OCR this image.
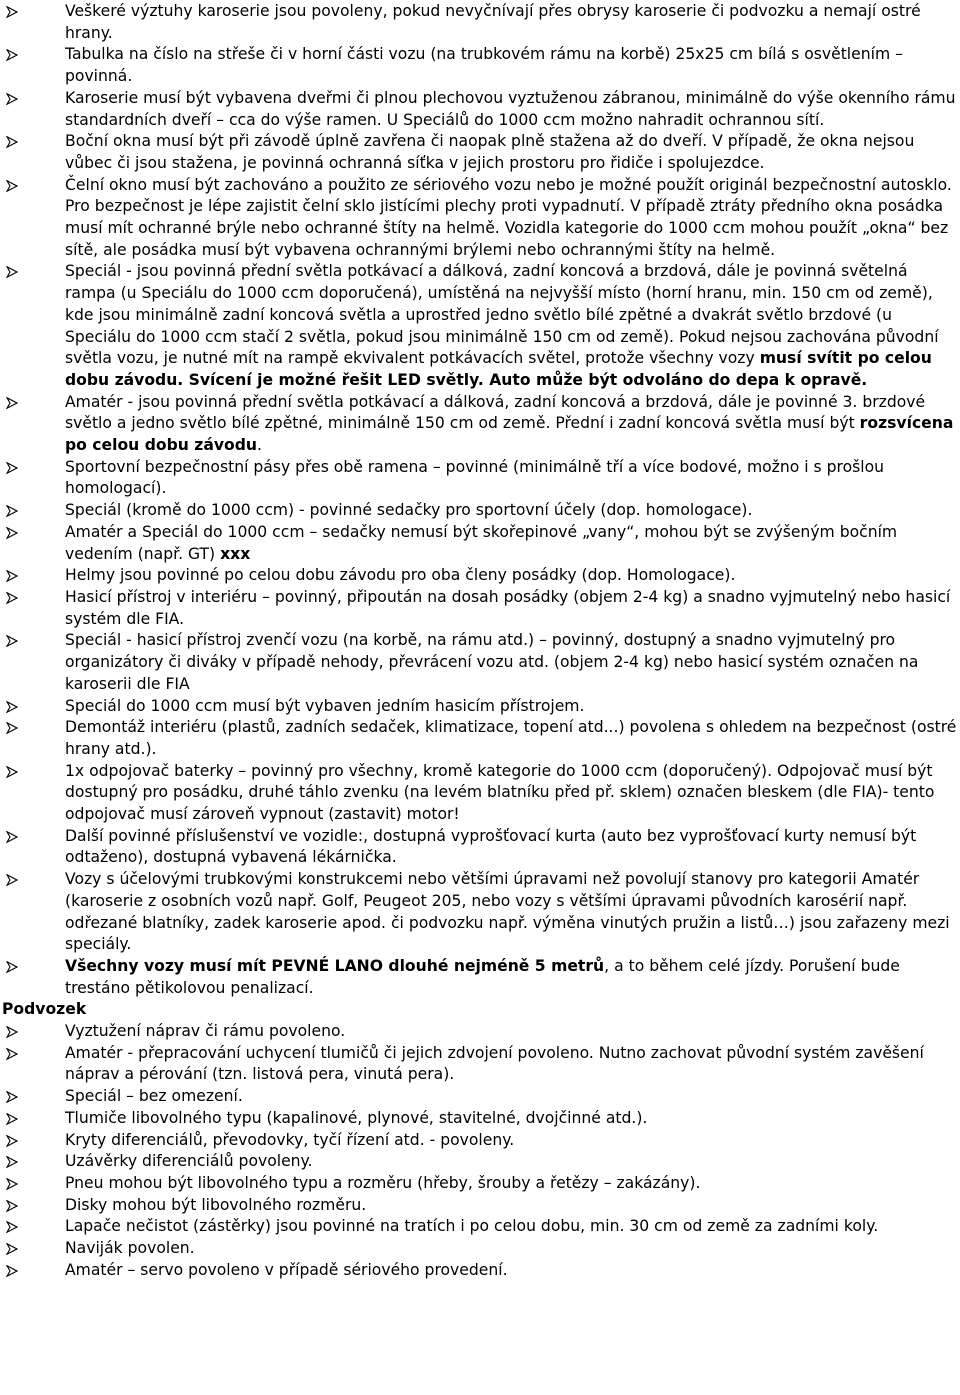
Veškeré výztuhy karoserie jsou povoleny, pokud nevyčnívají přes obrysy karoserie či podvozku a nemají ostré hrany.
Tabulka na číslo na střeše či v horní části vozu (na trubkovém rámu na korbě) 25x25 cm bílá s osvětlením – povinná.
Karoserie musí být vybavena dveřmi či plnou plechovou vyztuženou zábranou, minimálně do výše okenního rámu standardních dveří – cca do výše ramen. U Speciálů do 1000 ccm možno nahradit ochrannou sítí.
Boční okna musí být při závodě úplně zavřena či naopak plně stažena až do dveří. V případě, že okna nejsou vůbec či jsou stažena, je povinná ochranná síťka v jejich prostoru pro řidiče i spolujezdce.
Čelní okno musí být zachováno a použito ze sériového vozu nebo je možné použít originál bezpečnostní autosklo. Pro bezpečnost je lépe zajistit čelní sklo jistícími plechy proti vypadnutí. V případě ztráty předního okna posádka musí mít ochranné brýle nebo ochranné štíty na helmě. Vozidla kategorie do 1000 ccm mohou použít „okna“ bez sítě, ale posádka musí být vybavena ochrannými brýlemi nebo ochrannými štíty na helmě.
Speciál - jsou povinná přední světla potkávací a dálková, zadní koncová a brzdová, dále je povinná světelná rampa (u Speciálu do 1000 ccm doporučená), umístěná na nejvyšší místo (horní hranu, min. 150 cm od země), kde jsou minimálně zadní koncová světla a uprostřed jedno světlo bílé zpětné a dvakrát světlo brzdové (u Speciálu do 1000 ccm stačí 2 světla, pokud jsou minimálně 150 cm od země). Pokud nejsou zachována původní světla vozu, je nutné mít na rampě ekvivalent potkávacích světel, protože všechny vozy musí svítit po celou dobu závodu. Svícení je možné řešit LED světly. Auto může být odvoláno do depa k opravě.
Amatér - jsou povinná přední světla potkávací a dálková, zadní koncová a brzdová, dále je povinné 3. brzdové světlo a jedno světlo bílé zpětné, minimálně 150 cm od země. Přední i zadní koncová světla musí být rozsvícena po celou dobu závodu.
Sportovní bezpečnostní pásy přes obě ramena – povinné (minimálně tří a více bodové, možno i s prošlou homologací).
Speciál (kromě do 1000 ccm) - povinné sedačky pro sportovní účely (dop. homologace).
Amatér a Speciál do 1000 ccm – sedačky nemusí být skořepinové „vany“, mohou být se zvýšeným bočním vedením (např. GT) xxx
Helmy jsou povinné po celou dobu závodu pro oba členy posádky (dop. Homologace).
Hasicí přístroj v interiéru – povinný, připoután na dosah posádky (objem 2-4 kg) a snadno vyjmutelný nebo hasicí systém dle FIA.
Speciál - hasicí přístroj zvenčí vozu (na korbě, na rámu atd.) – povinný, dostupný a snadno vyjmutelný pro organizátory či diváky v případě nehody, převrácení vozu atd. (objem 2-4 kg) nebo hasicí systém označen na karoserii dle FIA
Speciál do 1000 ccm musí být vybaven jedním hasicím přístrojem.
Demontáž interiéru (plastů, zadních sedaček, klimatizace, topení atd...) povolena s ohledem na bezpečnost (ostré hrany atd.).
1x odpojovač baterky – povinný pro všechny, kromě kategorie do 1000 ccm (doporučený). Odpojovač musí být dostupný pro posádku, druhé táhlo zvenku (na levém blatníku před př. sklem) označen bleskem (dle FIA)- tento odpojovač musí zároveň vypnout (zastavit) motor!
Další povinné příslušenství ve vozidle:, dostupná vyprošťovací kurta (auto bez vyprošťovací kurty nemusí být odtaženo), dostupná vybavená lékárnička.
Vozy s účelovými trubkovými konstrukcemi nebo většími úpravami než povolují stanovy pro kategorii Amatér (karoserie z osobních vozů např. Golf, Peugeot 205, nebo vozy s většími úpravami původních karosérií např. odřezané blatníky, zadek karoserie apod. či podvozku např. výměna vinutých pružin a listů…) jsou zařazeny mezi speciály.
Všechny vozy musí mít PEVNÉ LANO dlouhé nejméně 5 metrů, a to během celé jízdy. Porušení bude trestáno pětikolovou penalizací.
Podvozek
Vyztužení náprav či rámu povoleno.
Amatér - přepracování uchycení tlumičů či jejich zdvojení povoleno. Nutno zachovat původní systém zavěšení náprav a pérování (tzn. listová pera, vinutá pera).
Speciál – bez omezení.
Tlumiče libovolného typu (kapalinové, plynové, stavitelné, dvojčinné atd.).
Kryty diferenciálů, převodovky, tyčí řízení atd. - povoleny.
Uzávěrky diferenciálů povoleny.
Pneu mohou být libovolného typu a rozměru (hřeby, šrouby a řetězy – zakázány).
Disky mohou být libovolného rozměru.
Lapače nečistot (zástěrky) jsou povinné na tratích i po celou dobu, min. 30 cm od země za zadními koly.
Naviják povolen.
Amatér – servo povoleno v případě sériového provedení.
